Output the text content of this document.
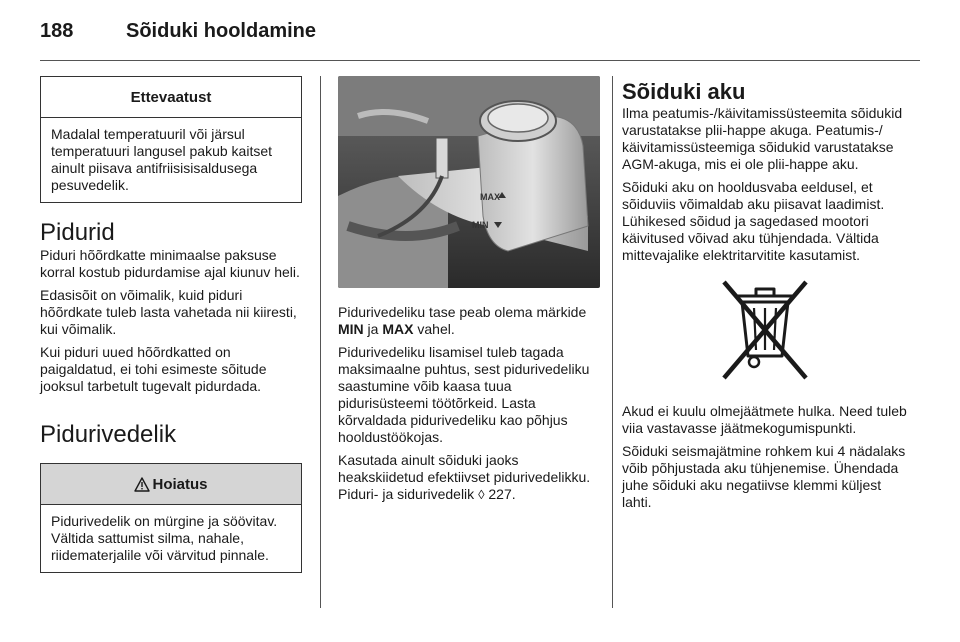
188	Sõiduki hooldamine
Ettevaatust
Madalal temperatuuril või järsul temperatuuri langusel pakub kaitset ainult piisava antifriisisisaldusega pesuvedelik.
Pidurid

Piduri hõõrdkatte minimaalse paksuse korral kostub pidurdamise ajal kiunuv heli.

Edasisõit on võimalik, kuid piduri hõõrdkate tuleb lasta vahetada nii kiiresti, kui võimalik.

Kui piduri uued hõõrdkatted on paigaldatud, ei tohi esimeste sõitude jooksul tarbetult tugevalt pidurdada.

Pidurivedelik
Hoiatus
Pidurivedelik on mürgine ja söövitav. Vältida sattumist silma, nahale, riidematerjalile või värvitud pinnale.
MAX
MIN

Pidurivedeliku tase peab olema märkide MIN ja MAX vahel.

Pidurivedeliku lisamisel tuleb tagada maksimaalne puhtus, sest pidurivedeliku saastumine võib kaasa tuua pidurisüsteemi töötõrkeid. Lasta kõrvaldada pidurivedeliku kao põhjus hooldustöökojas.

Kasutada ainult sõiduki jaoks heakskiidetud efektiivset pidurivedelikku. Piduri- ja sidurivedelik ◊ 227.

Sõiduki aku

Ilma peatumis-/käivitamissüsteemita sõidukid varustatakse plii-happe akuga. Peatumis-/ käivitamissüsteemiga sõidukid varustatakse AGM-akuga, mis ei ole plii-happe aku.

Sõiduki aku on hooldusvaba eeldusel, et sõiduviis võimaldab aku piisavat laadimist. Lühikesed sõidud ja sagedased mootori käivitused võivad aku tühjendada. Vältida mittevajalike elektritarvitite kasutamist.

Akud ei kuulu olmejäätmete hulka. Need tuleb viia vastavasse jäätmekogumispunkti.

Sõiduki seismajätmine rohkem kui 4 nädalaks võib põhjustada aku tühjenemise. Ühendada juhe sõiduki aku negatiivse klemmi küljest lahti.
